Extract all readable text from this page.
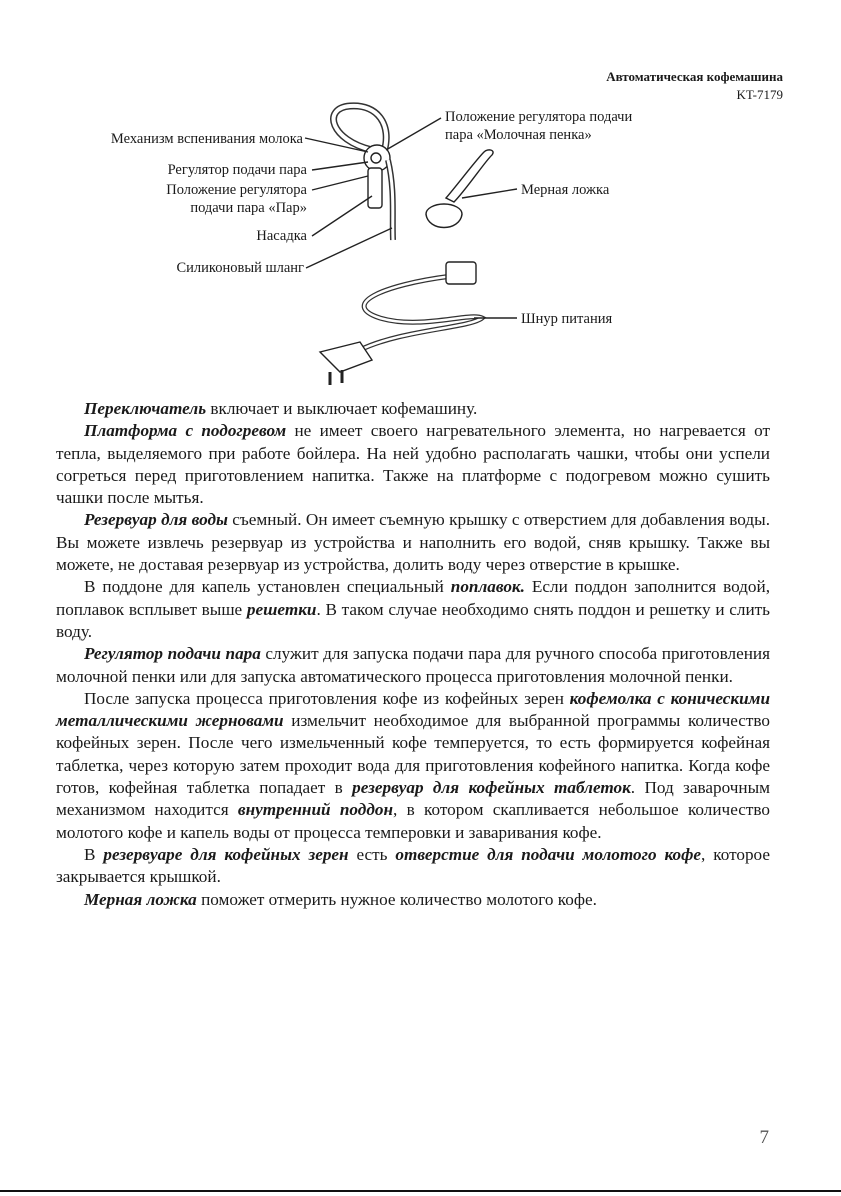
Автоматическая кофемашина
KT-7179
Механизм вспенивания молока
Регулятор подачи пара
Положение регулятора
подачи пара «Пар»
Насадка
Силиконовый шланг
Положение регулятора подачи
пара «Молочная пенка»
Мерная ложка
Шнур питания

Переключатель включает и выключает кофемашину.

Платформа с подогревом не имеет своего нагревательного элемента, но нагревается от тепла, выделяемого при работе бойлера. На ней удобно располагать чашки, чтобы они успели согреться перед приготовлением напитка. Также на платформе с подогревом можно сушить чашки после мытья.

Резервуар для воды съемный. Он имеет съемную крышку с отверстием для добавления воды. Вы можете извлечь резервуар из устройства и наполнить его водой, сняв крышку. Также вы можете, не доставая резервуар из устройства, долить воду через отверстие в крышке.

В поддоне для капель установлен специальный поплавок. Если поддон заполнится водой, поплавок всплывет выше решетки. В таком случае необходимо снять поддон и решетку и слить воду.

Регулятор подачи пара служит для запуска подачи пара для ручного способа приготовления молочной пенки или для запуска автоматического процесса приготовления молочной пенки.

После запуска процесса приготовления кофе из кофейных зерен кофемолка с коническими металлическими жерновами измельчит необходимое для выбранной программы количество кофейных зерен. После чего измельченный кофе темперуется, то есть формируется кофейная таблетка, через которую затем проходит вода для приготовления кофейного напитка. Когда кофе готов, кофейная таблетка попадает в резервуар для кофейных таблеток. Под заварочным механизмом находится внутренний поддон, в котором скапливается небольшое количество молотого кофе и капель воды от процесса темперовки и заваривания кофе.

В резервуаре для кофейных зерен есть отверстие для подачи молотого кофе, которое закрывается крышкой.

Мерная ложка поможет отмерить нужное количество молотого кофе.

7
